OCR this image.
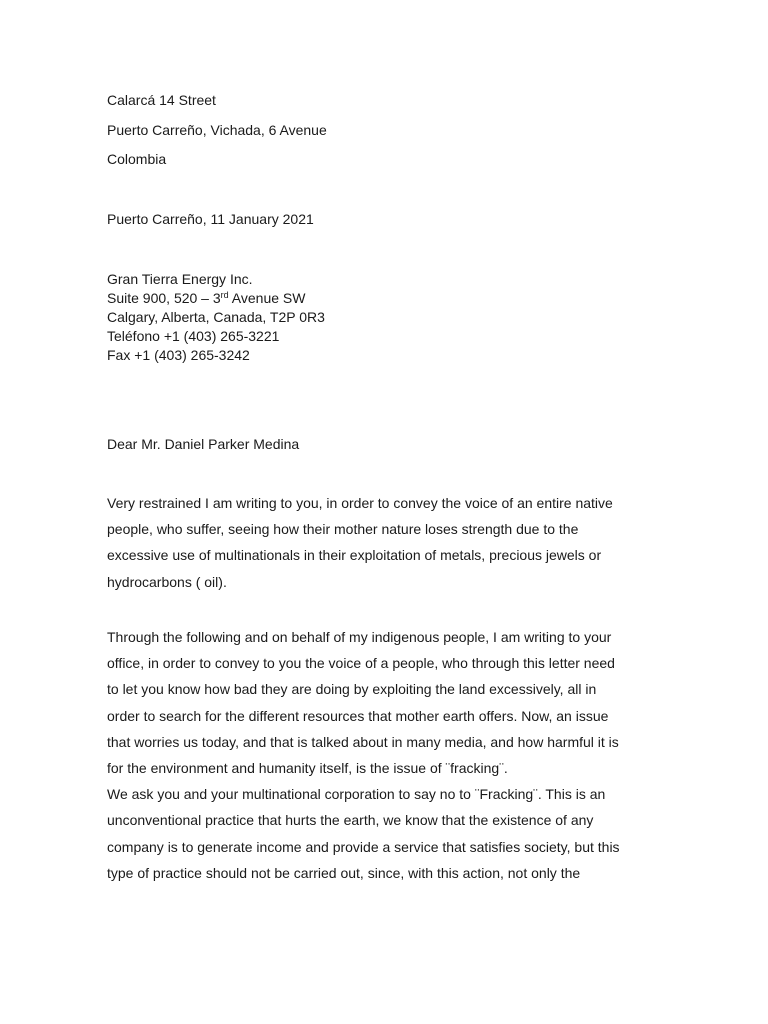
Calarcá 14 Street
Puerto Carreño, Vichada, 6 Avenue
Colombia
Puerto Carreño, 11 January 2021
Gran Tierra Energy Inc.
Suite 900, 520 – 3rd Avenue SW
Calgary, Alberta, Canada, T2P 0R3
Teléfono +1 (403) 265-3221
Fax +1 (403) 265-3242
Dear Mr. Daniel Parker Medina
Very restrained I am writing to you, in order to convey the voice of an entire native
people, who suffer, seeing how their mother nature loses strength due to the
excessive use of multinationals in their exploitation of metals, precious jewels or
hydrocarbons ( oil).
Through the following and on behalf of my indigenous people, I am writing to your
office, in order to convey to you the voice of a people, who through this letter need
to let you know how bad they are doing by exploiting the land excessively, all in
order to search for the different resources that mother earth offers. Now, an issue
that worries us today, and that is talked about in many media, and how harmful it is
for the environment and humanity itself, is the issue of ¨fracking¨.
We ask you and your multinational corporation to say no to ¨Fracking¨. This is an
unconventional practice that hurts the earth, we know that the existence of any
company is to generate income and provide a service that satisfies society, but this
type of practice should not be carried out, since, with this action, not only the
